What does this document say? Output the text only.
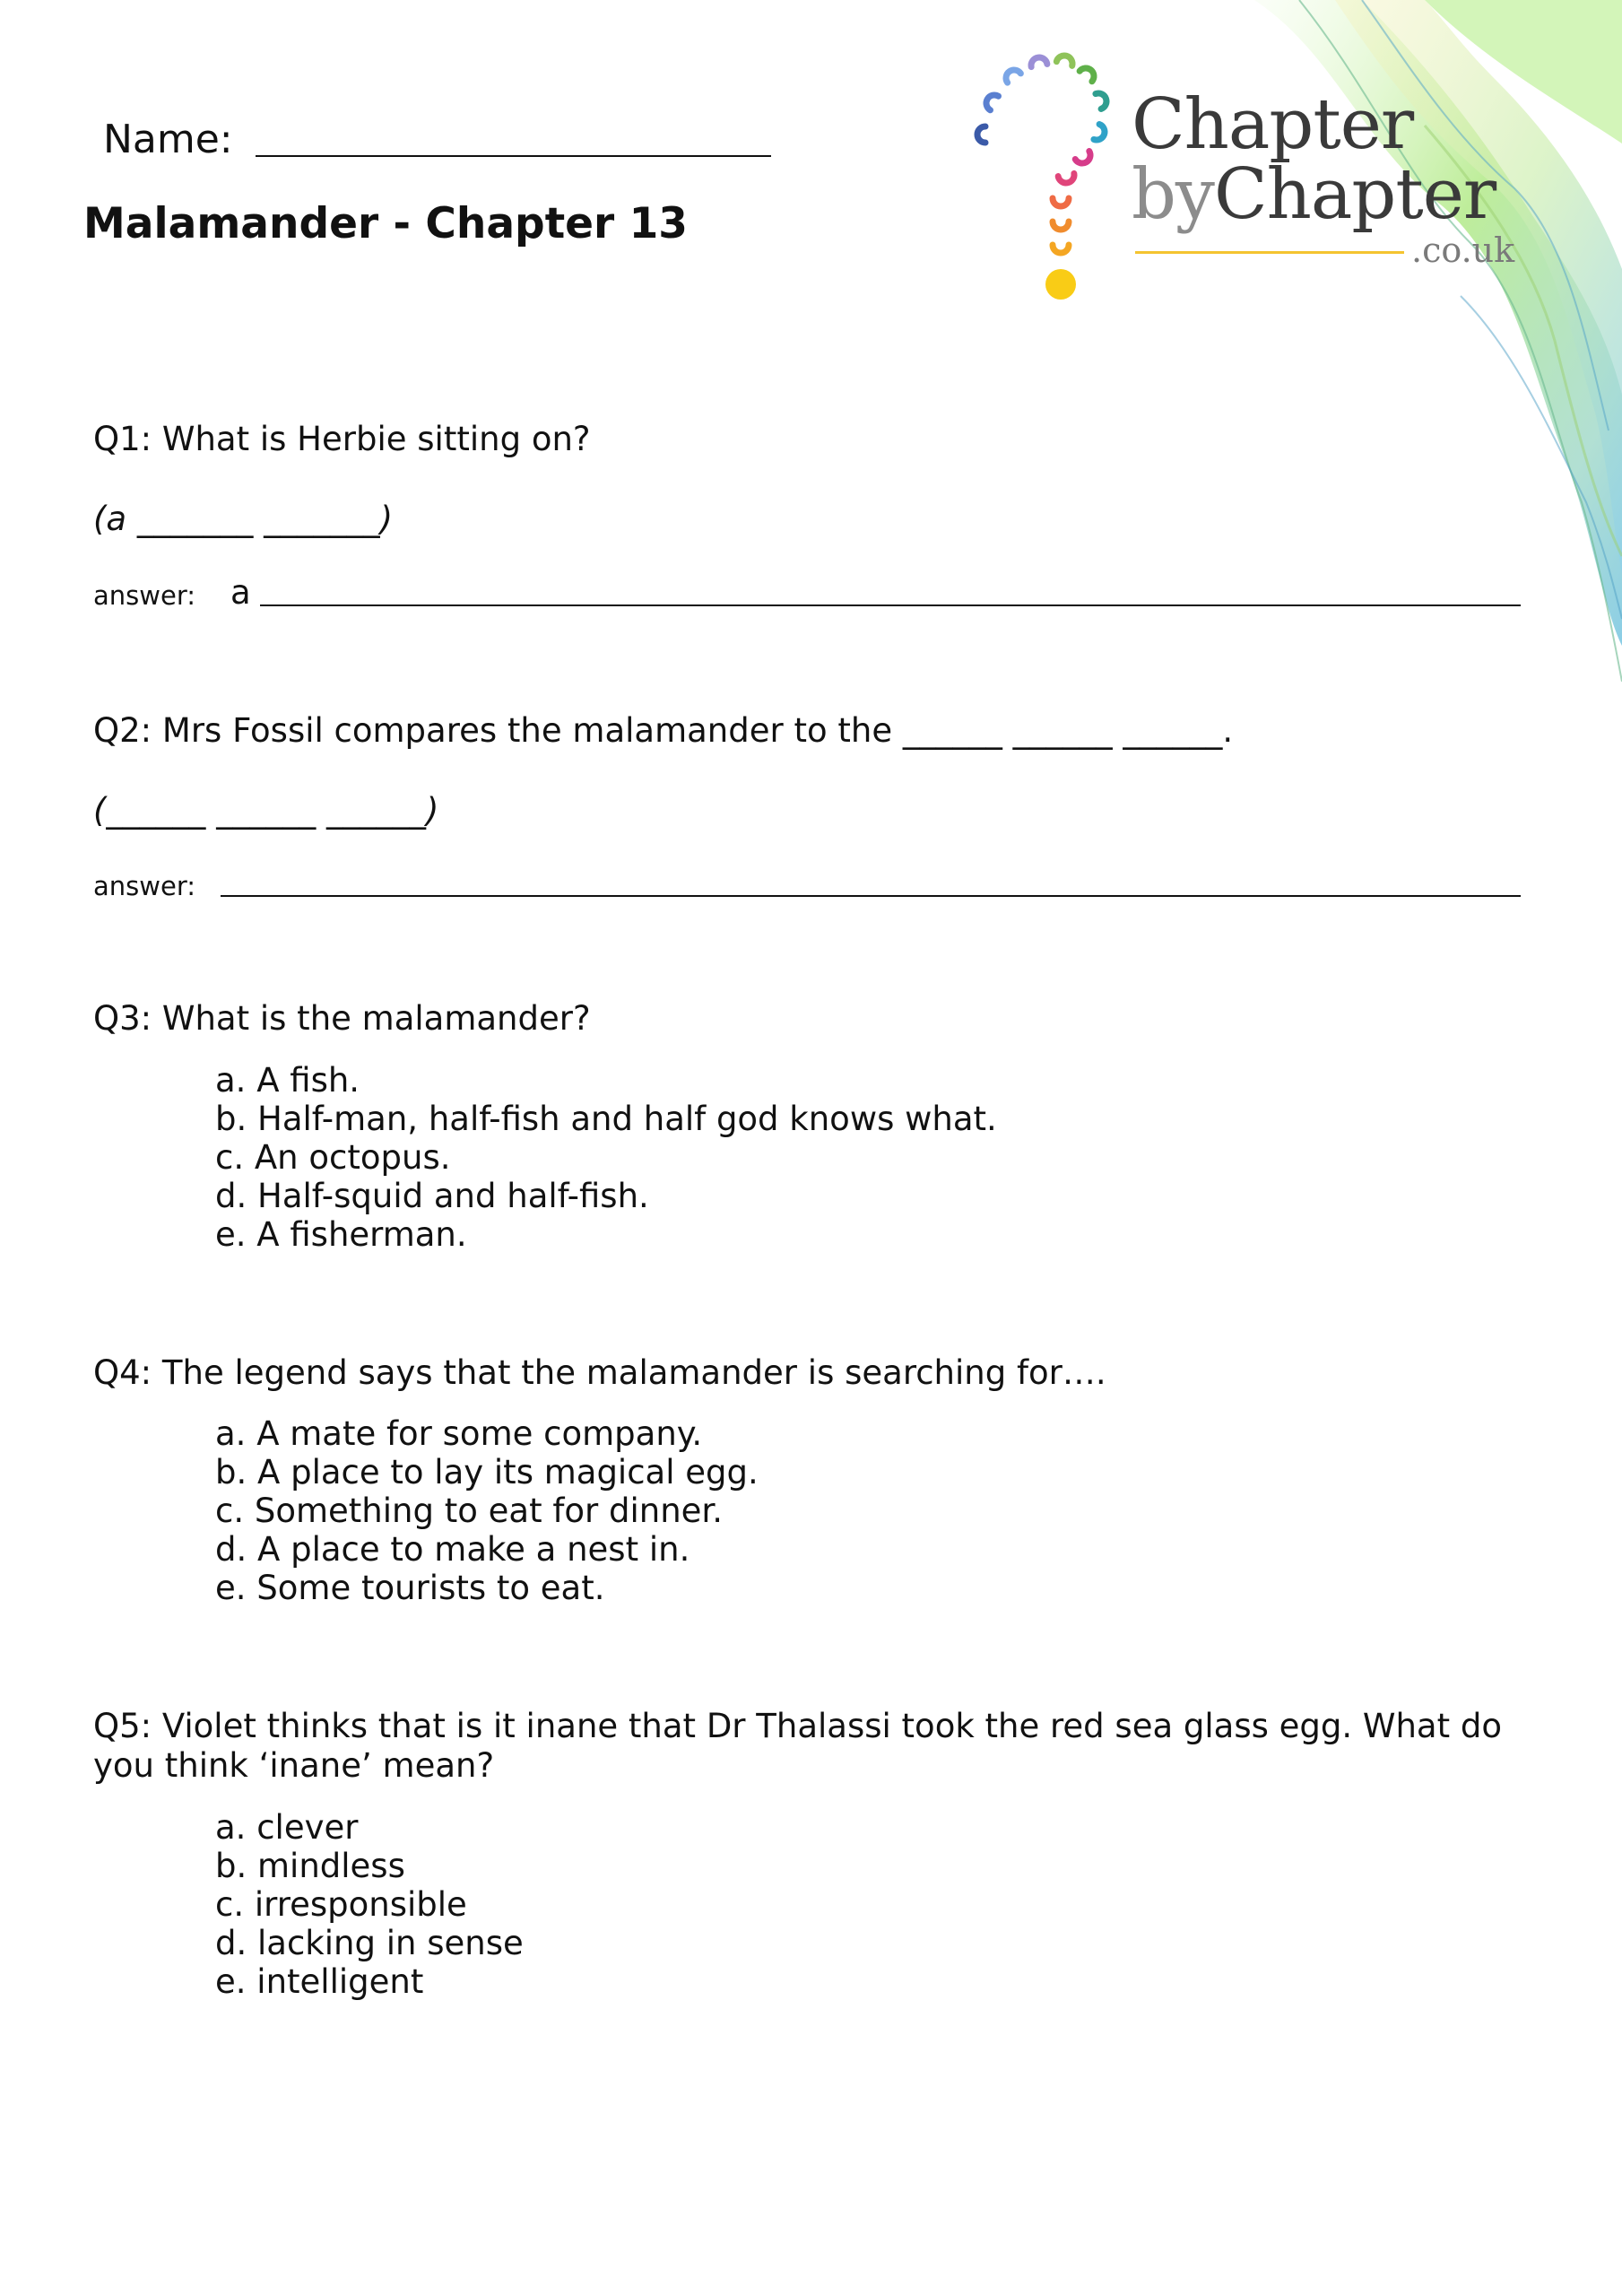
Chapter
byChapter
.co.uk
Name:
Malamander - Chapter 13
Q1: What is Herbie sitting on?
(a _______ _______)
answer: a
Q2: Mrs Fossil compares the malamander to the ______ ______ ______.
(______ ______ ______)
answer:
Q3: What is the malamander?
a. A fish.
b. Half-man, half-fish and half god knows what.
c. An octopus.
d. Half-squid and half-fish.
e. A fisherman.
Q4: The legend says that the malamander is searching for….
a. A mate for some company.
b. A place to lay its magical egg.
c. Something to eat for dinner.
d. A place to make a nest in.
e. Some tourists to eat.
Q5: Violet thinks that is it inane that Dr Thalassi took the red sea glass egg. What do you think ‘inane’ mean?
a. clever
b. mindless
c. irresponsible
d. lacking in sense
e. intelligent
